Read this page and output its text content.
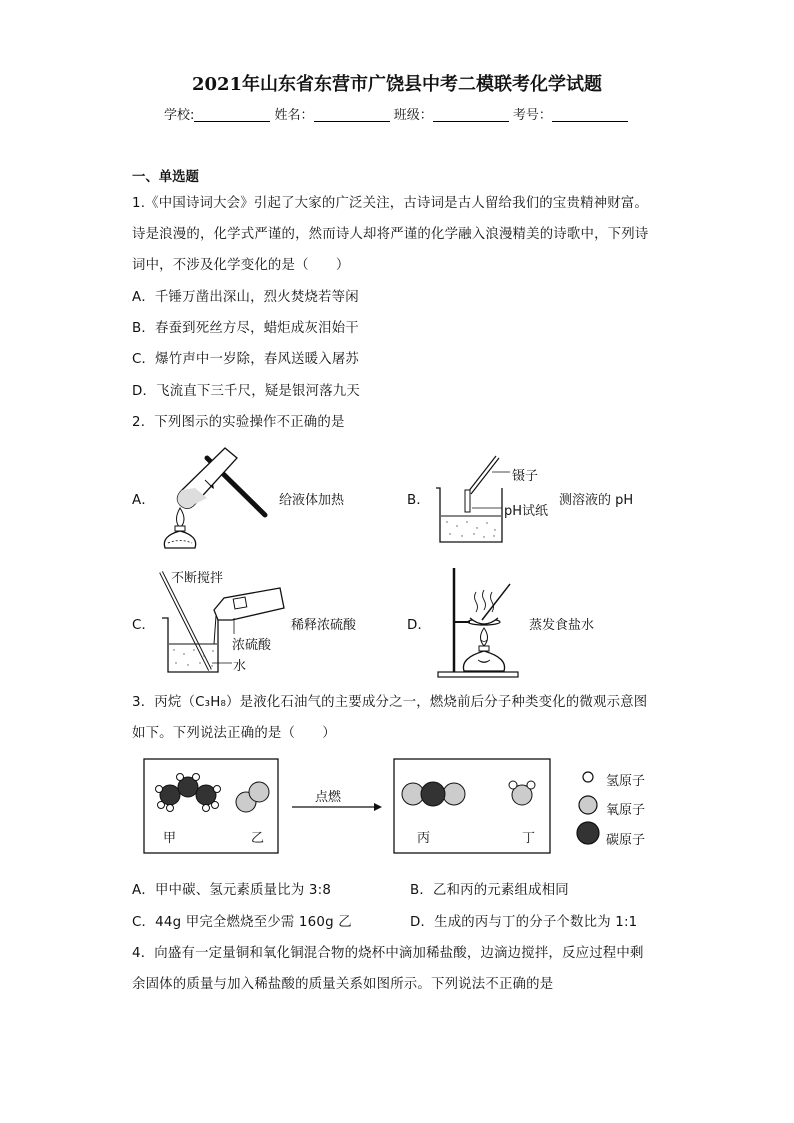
2021年山东省东营市广饶县中考二模联考化学试题
学校:	姓名：	班级：	考号：
一、单选题
1.《中国诗词大会》引起了大家的广泛关注，古诗词是古人留给我们的宝贵精神财富。
诗是浪漫的，化学式严谨的，然而诗人却将严谨的化学融入浪漫精美的诗歌中，下列诗
词中，不涉及化学变化的是（　　）
A．千锤万凿出深山，烈火焚烧若等闲
B．春蚕到死丝方尽，蜡炬成灰泪始干
C．爆竹声中一岁除，春风送暖入屠苏
D．飞流直下三千尺，疑是银河落九天
2．下列图示的实验操作不正确的是
A．	给液体加热	B．
镊子
pH试纸
测溶液的 pH
C．
不断搅拌
浓硫酸
水
稀释浓硫酸	D．	蒸发食盐水
3．丙烷（C₃H₈）是液化石油气的主要成分之一，燃烧前后分子种类变化的微观示意图
如下。下列说法正确的是（　　）
甲	乙
点燃
丙	丁
氢原子
氧原子
碳原子
A．甲中碳、氢元素质量比为 3:8	B．乙和丙的元素组成相同
C．44g 甲完全燃烧至少需 160g 乙	D．生成的丙与丁的分子个数比为 1:1
4．向盛有一定量铜和氧化铜混合物的烧杯中滴加稀盐酸，边滴边搅拌，反应过程中剩
余固体的质量与加入稀盐酸的质量关系如图所示。下列说法不正确的是
